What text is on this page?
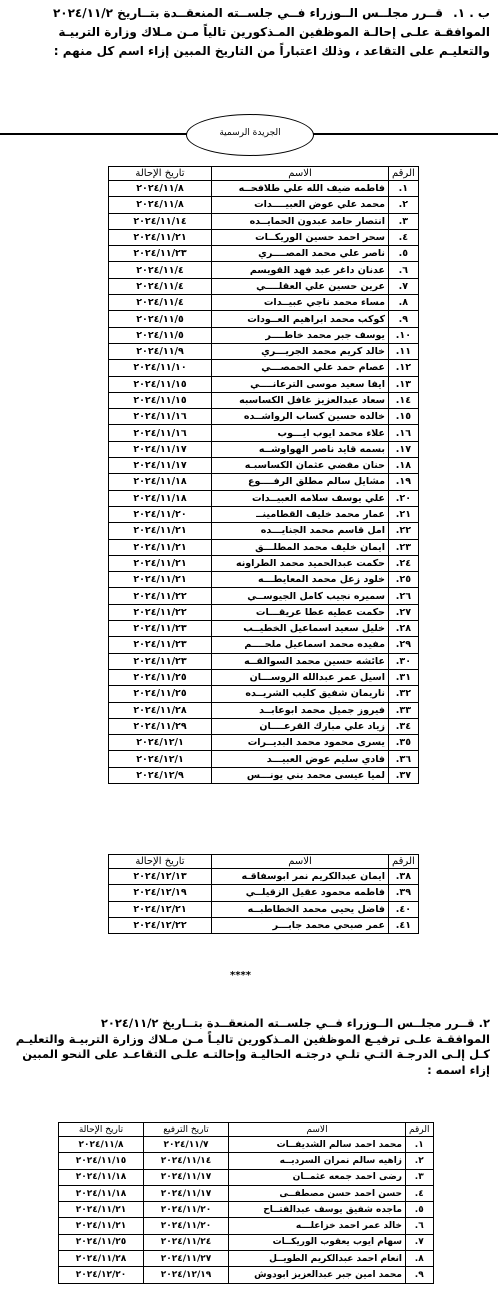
ب . ١. قــرر مجلــس الــوزراء فــي جلســته المنعقــدة بتــاريخ ٢٠٢٤/١١/٢
الموافقـة علـى إحالـة الموظفين المـذكورين تالياً مـن مـلاك وزارة التربيـة والتعليـم على التقاعد ، وذلك اعتباراً من التاريخ المبين إزاء اسم كل منهم :
الجريدة الرسمية
الرقم	الاسم	تاريخ الإحالة
١.	فاطمه ضيف الله علي طلافحــه	٢٠٢٤/١١/٨
٢.	محمد علي عوض العبيــــدات	٢٠٢٤/١١/٨
٣.	انتصار حامد عبدون الحمايــده	٢٠٢٤/١١/١٤
٤.	سحر احمد حسين الوريكــات	٢٠٢٤/١١/٢١
٥.	ناصر علي محمد المصــــري	٢٠٢٤/١١/٢٣
٦.	عدنان داغر عبد فهد القويسم	٢٠٢٤/١١/٤
٧.	عرين حسين علي العقلــــي	٢٠٢٤/١١/٤
٨.	مساء محمد ناجي عبيــدات	٢٠٢٤/١١/٤
٩.	كوكب محمد ابراهيم العــودات	٢٠٢٤/١١/٥
١٠.	يوسف جبر محمد خاطــــر	٢٠٢٤/١١/٥
١١.	خالد كريم محمد الجريـــري	٢٠٢٤/١١/٩
١٢.	عصام حمد علي الحمصـــي	٢٠٢٤/١١/١٠
١٣.	ايفا سعيد موسى الترعانــــي	٢٠٢٤/١١/١٥
١٤.	سعاد عبدالعزيز غافل الكساسبه	٢٠٢٤/١١/١٥
١٥.	خالده حسين كساب الرواشــده	٢٠٢٤/١١/١٦
١٦.	علاء محمد ايوب ايـــوب	٢٠٢٤/١١/١٦
١٧.	بسمه قايد ناصر الهواوشــه	٢٠٢٤/١١/١٧
١٨.	حنان مفضي عثمان الكساسبـه	٢٠٢٤/١١/١٧
١٩.	مشايل سالم مطلق الرفــــوع	٢٠٢٤/١١/١٨
٢٠.	علي يوسف سلامه العبيــدات	٢٠٢٤/١١/١٨
٢١.	عمار محمد خليف القطامينــ	٢٠٢٤/١١/٢٠
٢٢.	امل قاسم محمد الجنايـــده	٢٠٢٤/١١/٢١
٢٣.	ايمان خليف محمد المطلـــق	٢٠٢٤/١١/٢١
٢٤.	حكمت عبدالحميد محمد الطراونه	٢٠٢٤/١١/٢١
٢٥.	خلود زعل محمد المعايطـــه	٢٠٢٤/١١/٢١
٢٦.	سميره نجيب كامل الجيوســي	٢٠٢٤/١١/٢٢
٢٧.	حكمت عطيه عطا عريقـــات	٢٠٢٤/١١/٢٢
٢٨.	خليل سعيد اسماعيل الخطيــب	٢٠٢٤/١١/٢٣
٢٩.	مفيده محمد اسماعيل ملحــــم	٢٠٢٤/١١/٢٣
٣٠.	عائشه حسين محمد السوالقــه	٢٠٢٤/١١/٢٣
٣١.	اسيل عمر عبدالله الروســـان	٢٠٢٤/١١/٢٥
٣٢.	ناريمان شفيق كليب الشريــده	٢٠٢٤/١١/٢٥
٣٣.	فيروز جميل محمد ابوعابــد	٢٠٢٤/١١/٢٨
٣٤.	زياد علي مبارك القرعــــان	٢٠٢٤/١١/٢٩
٣٥.	يسرى محمود محمد البديــرات	٢٠٢٤/١٢/١
٣٦.	فادي سليم عوض العبيـــد	٢٠٢٤/١٢/١
٣٧.	لميا عيسى محمد بني يونـــس	٢٠٢٤/١٢/٩
الرقم	الاسم	تاريخ الإحالة
٣٨.	ايمان عبدالكريم نمر ابوسفاقـه	٢٠٢٤/١٢/١٣
٣٩.	فاطمه محمود عقيل الزقيلــي	٢٠٢٤/١٢/١٩
٤٠.	فاضل يحيى محمد الخطاطبــه	٢٠٢٤/١٢/٢١
٤١.	عمر صبحي محمد جابـــر	٢٠٢٤/١٢/٢٢
****
٢. قــرر مجلــس الــوزراء فــي جلســته المنعقــدة بتــاريخ ٢٠٢٤/١١/٢
الموافقـة علـى ترفيـع الموظفين المـذكورين تاليـاً مـن مـلاك وزارة التربيـة والتعليـم كـل إلـى الدرجـة التـي تلـي درجتـه الحاليـة وإحالتـه علـى التقاعـد على النحو المبين إزاء اسمه :
الرقم	الاسم	تاريخ الترفيع	تاريخ الإحالة
١.	محمد احمد سالم الشديفــات	٢٠٢٤/١١/٧	٢٠٢٤/١١/٨
٢.	زاهيه سالم نمران السرديــه	٢٠٢٤/١١/١٤	٢٠٢٤/١١/١٥
٣.	رضى احمد جمعه عثمــان	٢٠٢٤/١١/١٧	٢٠٢٤/١١/١٨
٤.	حسن احمد حسن مصطفــى	٢٠٢٤/١١/١٧	٢٠٢٤/١١/١٨
٥.	ماجده شفيق يوسف عبدالفتــاح	٢٠٢٤/١١/٢٠	٢٠٢٤/١١/٢١
٦.	خالد عمر احمد خزاعلـــه	٢٠٢٤/١١/٢٠	٢٠٢٤/١١/٢١
٧.	سهام ايوب يعقوب الوريكــات	٢٠٢٤/١١/٢٤	٢٠٢٤/١١/٢٥
٨.	انعام احمد عبدالكريم الطويــل	٢٠٢٤/١١/٢٧	٢٠٢٤/١١/٢٨
٩.	محمد امين جبر عبدالعزيز ابودوش	٢٠٢٤/١٢/١٩	٢٠٢٤/١٢/٢٠
